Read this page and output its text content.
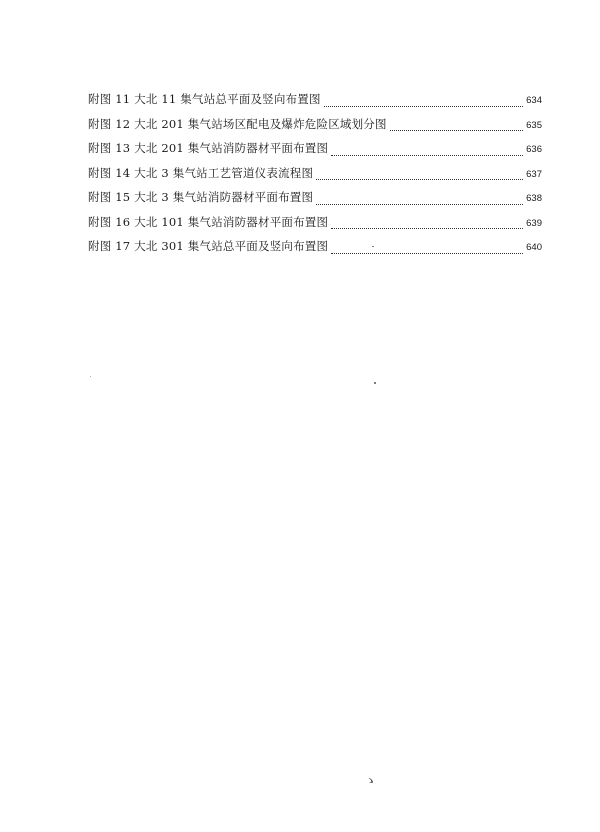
附图 11 大北 11 集气站总平面及竖向布置图	634
附图 12 大北 201 集气站场区配电及爆炸危险区域划分图	635
附图 13 大北 201 集气站消防器材平面布置图	636
附图 14 大北 3 集气站工艺管道仪表流程图	637
附图 15 大北 3 集气站消防器材平面布置图	638
附图 16 大北 101 集气站消防器材平面布置图	639
附图 17 大北 301 集气站总平面及竖向布置图	640
ゝ
